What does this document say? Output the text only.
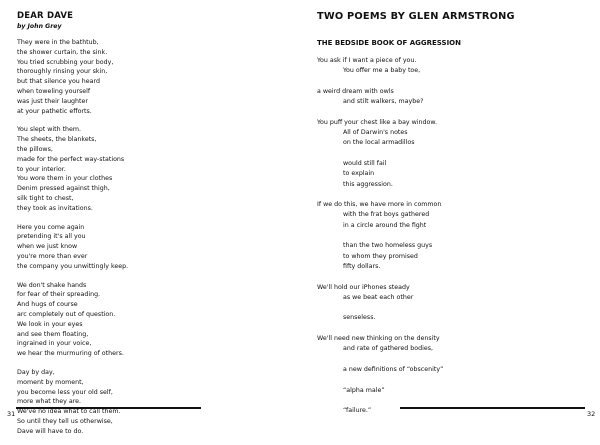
DEAR DAVE
by John Grey
They were in the bathtub,
the shower curtain, the sink.
You tried scrubbing your body,
thoroughly rinsing your skin,
but that silence you heard
when toweling yourself
was just their laughter
at your pathetic efforts.
You slept with them.
The sheets, the blankets,
the pillows,
made for the perfect way-stations
to your interior.
You wore them in your clothes
Denim pressed against thigh,
silk tight to chest,
they took as invitations.
Here you come again
pretending it's all you
when we just know
you're more than ever
the company you unwittingly keep.
We don't shake hands
for fear of their spreading.
And hugs of course
arc completely out of question.
We look in your eyes
and see them floating,
ingrained in your voice,
we hear the murmuring of others.
Day by day,
moment by moment,
you become less your old self,
more what they are.
We've no idea what to call them.
So until they tell us otherwise,
Dave will have to do.
31
TWO POEMS BY GLEN ARMSTRONG
THE BEDSIDE BOOK OF AGGRESSION
You ask if I want a piece of you.
You offer me a baby toe,
a weird dream with owls
and stilt walkers, maybe?
You puff your chest like a bay window.
All of Darwin's notes
on the local armadillos
would still fail
to explain
this aggression.
If we do this, we have more in common
with the frat boys gathered
in a circle around the fight
than the two homeless guys
to whom they promised
fifty dollars.
We'll hold our iPhones steady
as we beat each other
senseless.
We'll need new thinking on the density
and rate of gathered bodies,
a new definitions of “obscenity”
“alpha male”
“failure.”	32
